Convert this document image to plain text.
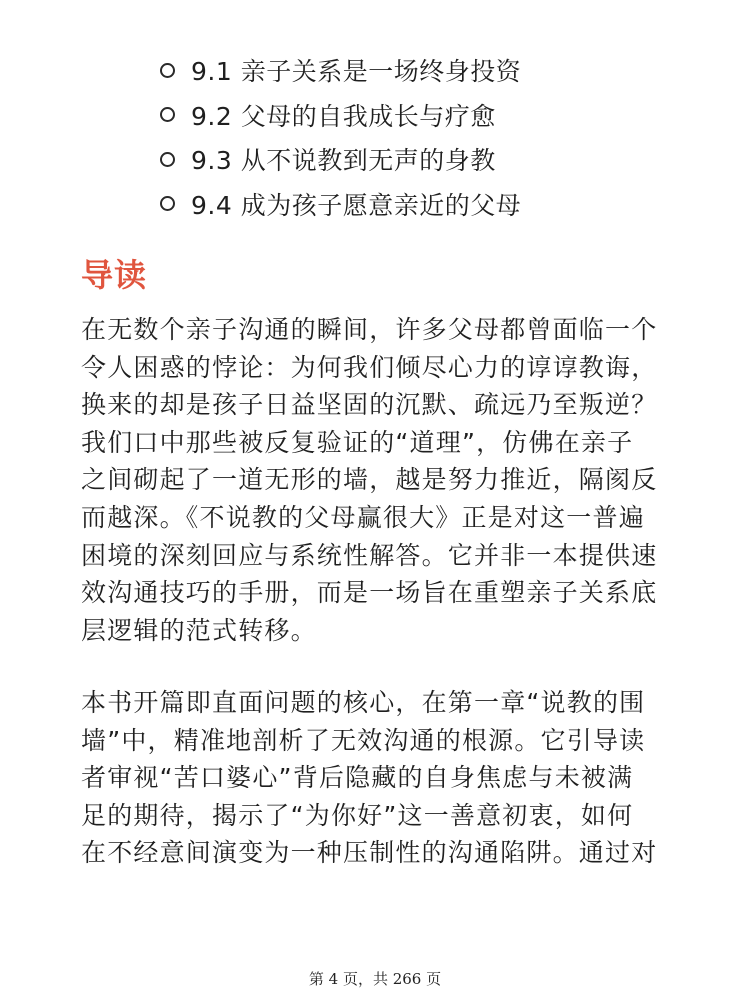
9.1 亲子关系是一场终身投资
9.2 父母的自我成长与疗愈
9.3 从不说教到无声的身教
9.4 成为孩子愿意亲近的父母
导读

在无数个亲子沟通的瞬间，许多父母都曾面临一个
令人困惑的悖论：为何我们倾尽心力的谆谆教诲，
换来的却是孩子日益坚固的沉默、疏远乃至叛逆？
我们口中那些被反复验证的“道理”，仿佛在亲子
之间砌起了一道无形的墙，越是努力推近，隔阂反
而越深。《不说教的父母赢很大》正是对这一普遍
困境的深刻回应与系统性解答。它并非一本提供速
效沟通技巧的手册，而是一场旨在重塑亲子关系底
层逻辑的范式转移。

本书开篇即直面问题的核心，在第一章“说教的围
墙”中，精准地剖析了无效沟通的根源。它引导读
者审视“苦口婆心”背后隐藏的自身焦虑与未被满
足的期待，揭示了“为你好”这一善意初衷，如何
在不经意间演变为一种压制性的沟通陷阱。通过对

第 4 页，共 266 页
